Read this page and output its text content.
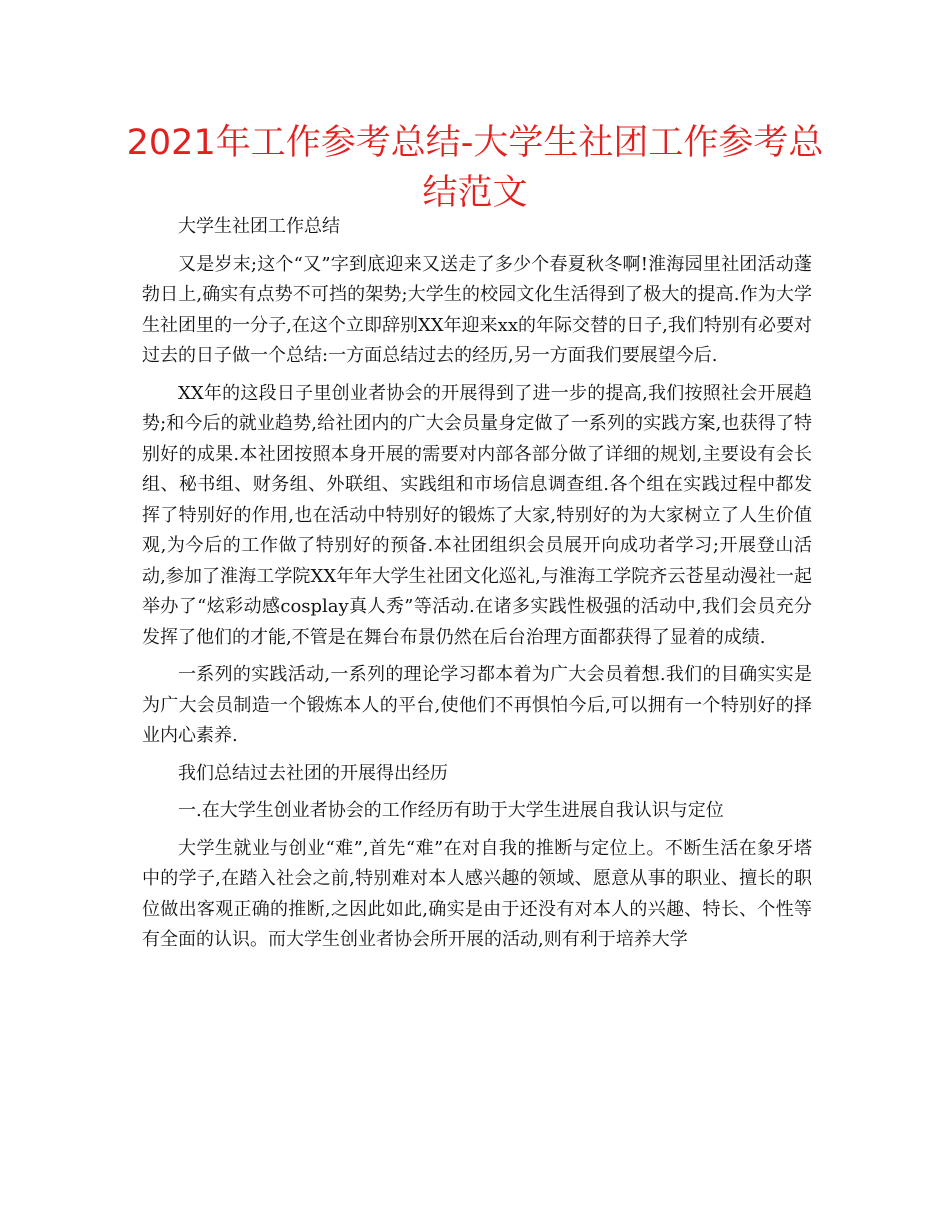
2021年工作参考总结-大学生社团工作参考总结范文

大学生社团工作总结

又是岁末;这个“又”字到底迎来又送走了多少个春夏秋冬啊!淮海园里社团活动蓬勃日上,确实有点势不可挡的架势;大学生的校园文化生活得到了极大的提高.作为大学生社团里的一分子,在这个立即辞别XX年迎来xx的年际交替的日子,我们特别有必要对过去的日子做一个总结:一方面总结过去的经历,另一方面我们要展望今后.

XX年的这段日子里创业者协会的开展得到了进一步的提高,我们按照社会开展趋势;和今后的就业趋势,给社团内的广大会员量身定做了一系列的实践方案,也获得了特别好的成果.本社团按照本身开展的需要对内部各部分做了详细的规划,主要设有会长组、秘书组、财务组、外联组、实践组和市场信息调查组.各个组在实践过程中都发挥了特别好的作用,也在活动中特别好的锻炼了大家,特别好的为大家树立了人生价值观,为今后的工作做了特别好的预备.本社团组织会员展开向成功者学习;开展登山活动,参加了淮海工学院XX年年大学生社团文化巡礼,与淮海工学院齐云苍星动漫社一起举办了“炫彩动感cosplay真人秀”等活动.在诸多实践性极强的活动中,我们会员充分发挥了他们的才能,不管是在舞台布景仍然在后台治理方面都获得了显着的成绩.

一系列的实践活动,一系列的理论学习都本着为广大会员着想.我们的目确实实是为广大会员制造一个锻炼本人的平台,使他们不再惧怕今后,可以拥有一个特别好的择业内心素养.

我们总结过去社团的开展得出经历

一.在大学生创业者协会的工作经历有助于大学生进展自我认识与定位

大学生就业与创业“难”,首先“难”在对自我的推断与定位上。不断生活在象牙塔中的学子,在踏入社会之前,特别难对本人感兴趣的领域、愿意从事的职业、擅长的职位做出客观正确的推断,之因此如此,确实是由于还没有对本人的兴趣、特长、个性等有全面的认识。而大学生创业者协会所开展的活动,则有利于培养大学
